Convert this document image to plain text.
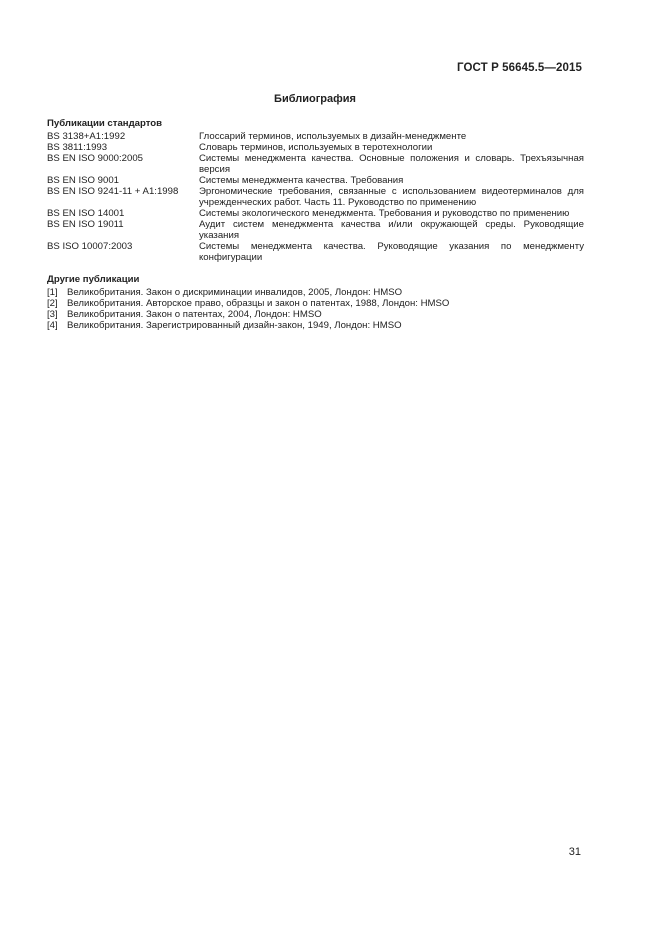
ГОСТ Р 56645.5—2015
Библиография
Публикации стандартов
BS 3138+A1:1992	Глоссарий терминов, используемых в дизайн-менеджменте
BS 3811:1993	Словарь терминов, используемых в теротехнологии
BS EN ISO 9000:2005	Системы менеджмента качества. Основные положения и словарь. Трехъязычная версия
BS EN ISO 9001	Системы менеджмента качества. Требования
BS EN ISO 9241-11 + A1:1998	Эргономические требования, связанные с использованием видеотерминалов для учрежденческих работ. Часть 11. Руководство по применению
BS EN ISO 14001	Системы экологического менеджмента. Требования и руководство по применению
BS EN ISO 19011	Аудит систем менеджмента качества и/или окружающей среды. Руководящие указания
BS ISO 10007:2003	Системы менеджмента качества. Руководящие указания по менеджменту конфигурации
Другие публикации
[1] Великобритания. Закон о дискриминации инвалидов, 2005, Лондон: HMSO
[2] Великобритания. Авторское право, образцы и закон о патентах, 1988, Лондон: HMSO
[3] Великобритания. Закон о патентах, 2004, Лондон: HMSO
[4] Великобритания. Зарегистрированный дизайн-закон, 1949, Лондон: HMSO
31
